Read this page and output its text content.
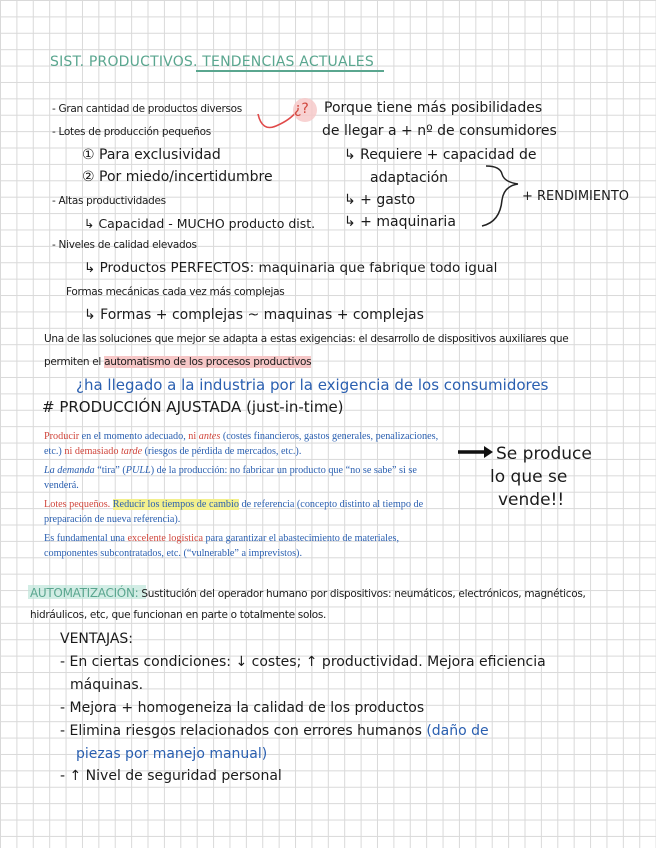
SIST. PRODUCTIVOS. TENDENCIAS ACTUALES
- Gran cantidad de productos diversos	¿? Porque tiene más posibilidades
de llegar a + nº de consumidores
- Lotes de producción pequeños
① Para exclusividad
② Por miedo/incertidumbre
↳ Requiere + capacidad de
adaptación
↳ + gasto
↳ + maquinaria
+ RENDIMIENTO
- Altas productividades
↳ Capacidad - MUCHO producto dist.
- Niveles de calidad elevados
↳ Productos PERFECTOS: maquinaria que fabrique todo igual
Formas mecánicas cada vez más complejas
↳ Formas + complejas ~ maquinas + complejas
Una de las soluciones que mejor se adapta a estas exigencias: el desarrollo de dispositivos auxiliares que
permiten el automatismo de los procesos productivos
¿ha llegado a la industria por la exigencia de los consumidores
# PRODUCCIÓN AJUSTADA (just-in-time)
Producir en el momento adecuado, ni antes (costes financieros, gastos generales, penalizaciones, etc.) ni demasiado tarde (riesgos de pérdida de mercados, etc.).
La demanda “tira” (PULL) de la producción: no fabricar un producto que “no se sabe” si se venderá.
Lotes pequeños. Reducir los tiempos de cambio de referencia (concepto distinto al tiempo de preparación de nueva referencia).
Es fundamental una excelente logística para garantizar el abastecimiento de materiales, componentes subcontratados, etc. (“vulnerable” a imprevistos).
Se produce
lo que se
vende!!
AUTOMATIZACIÓN: Sustitución del operador humano por dispositivos: neumáticos, electrónicos, magnéticos,
hidráulicos, etc, que funcionan en parte o totalmente solos.
VENTAJAS:
- En ciertas condiciones: ↓ costes; ↑ productividad. Mejora eficiencia
máquinas.
- Mejora + homogeneiza la calidad de los productos
- Elimina riesgos relacionados con errores humanos (daño de
piezas por manejo manual)
- ↑ Nivel de seguridad personal
